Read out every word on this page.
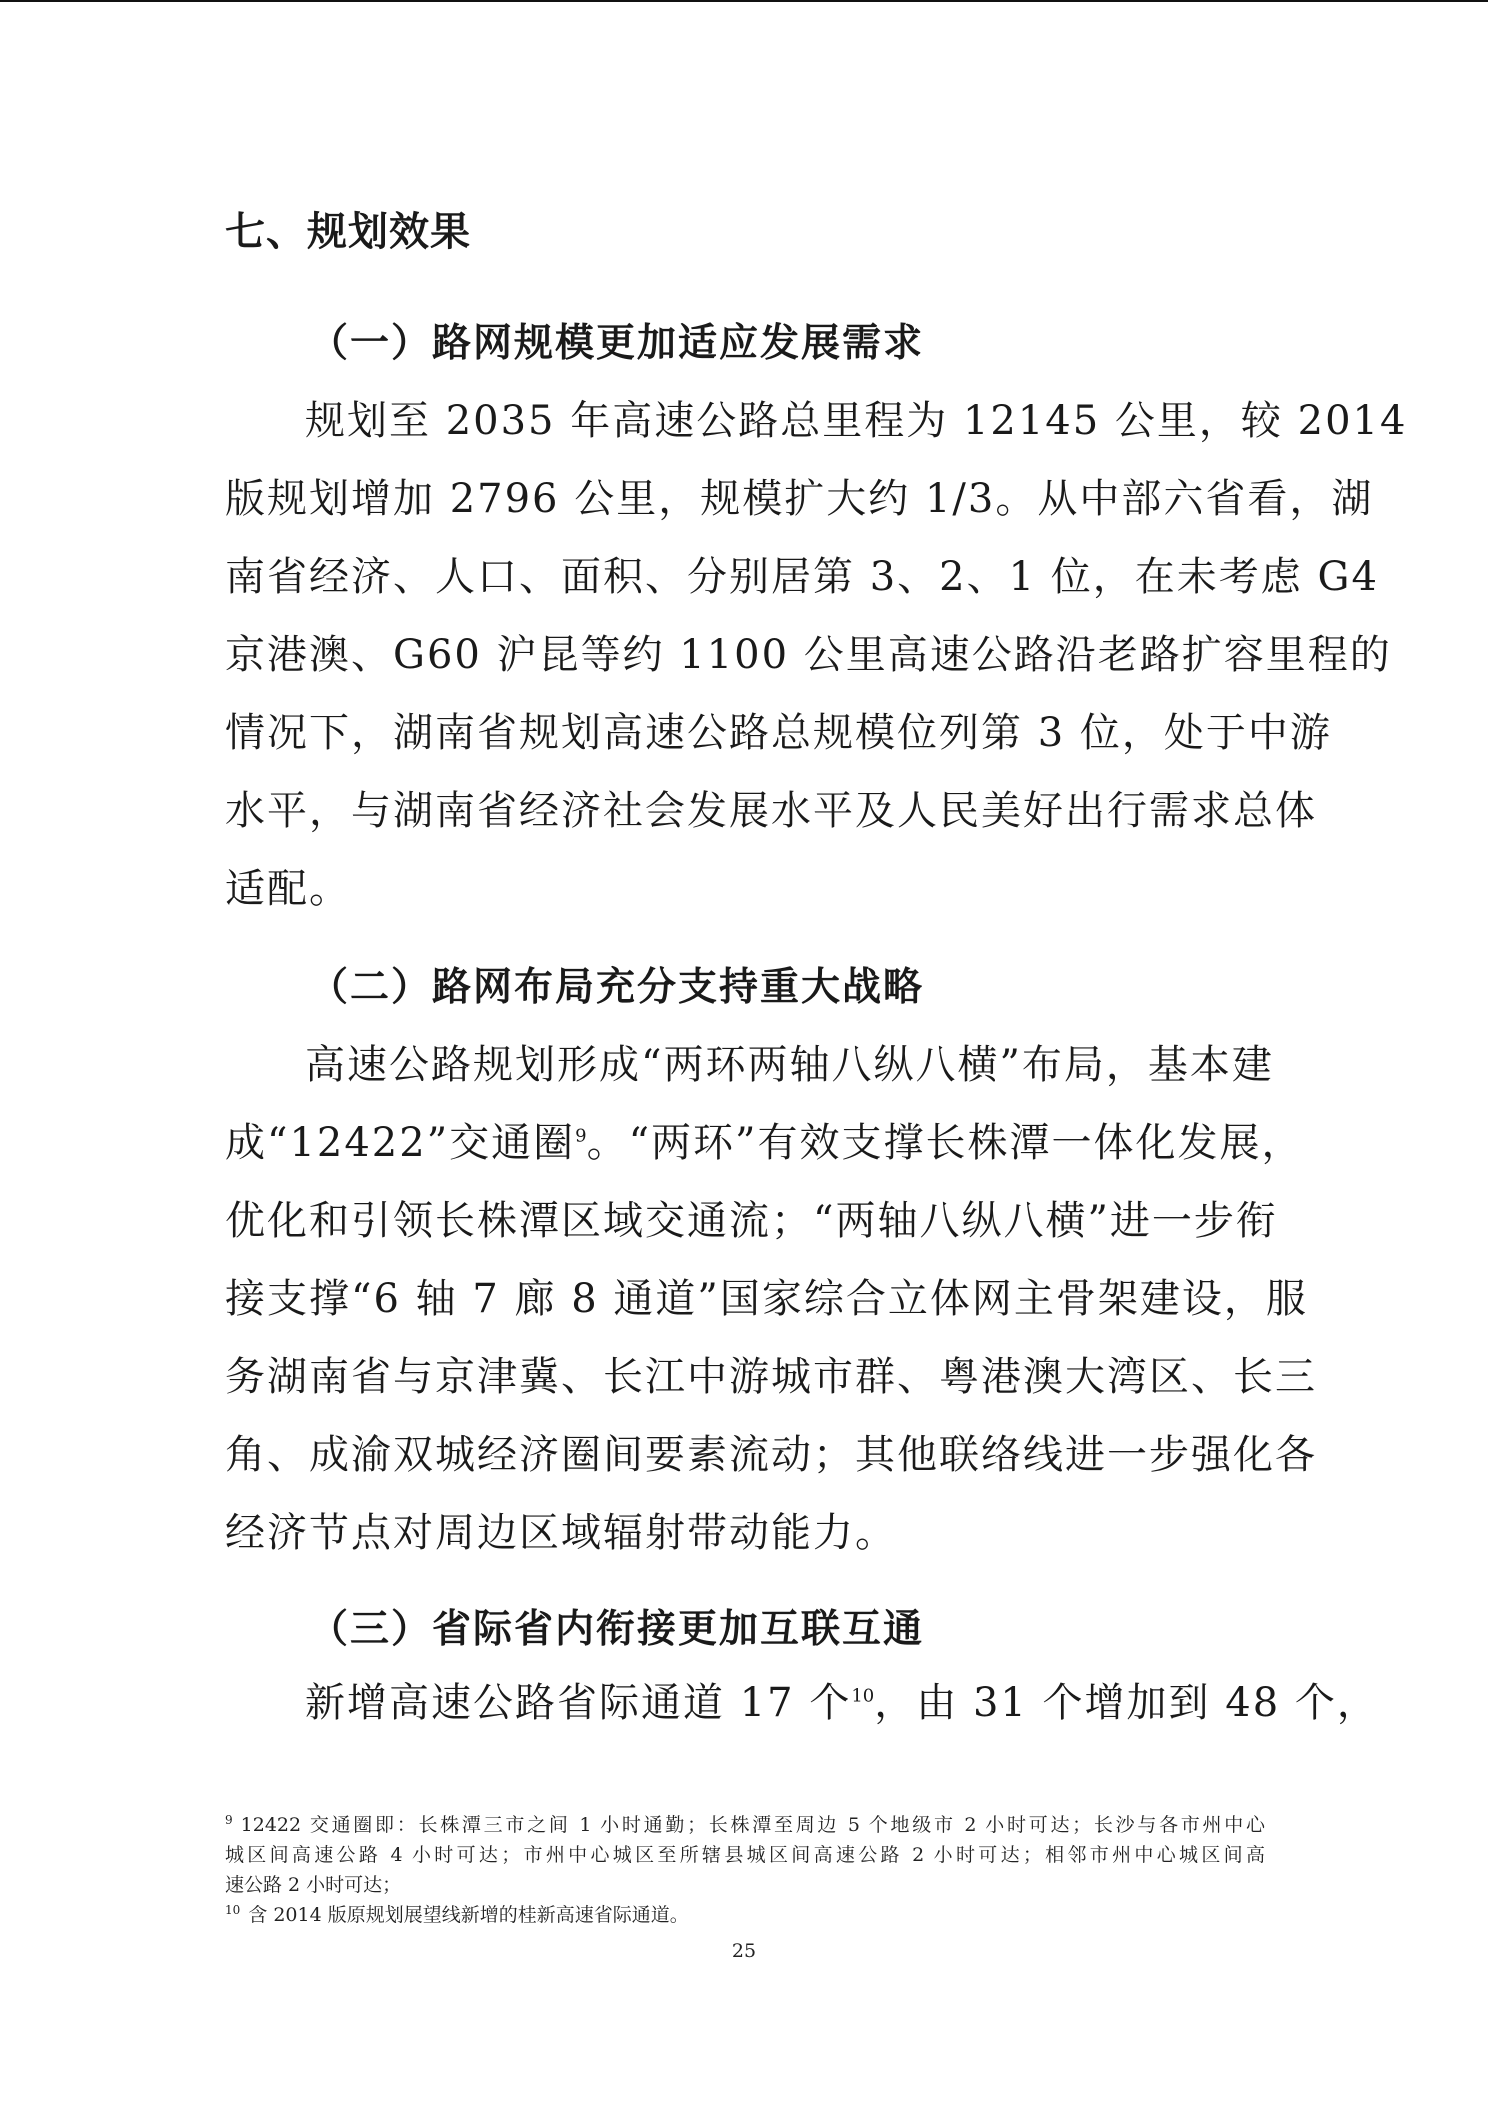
七、规划效果
（一）路网规模更加适应发展需求
规划至 2035 年高速公路总里程为 12145 公里，较 2014
版规划增加 2796 公里，规模扩大约 1/3。从中部六省看，湖
南省经济、人口、面积、分别居第 3、2、1 位，在未考虑 G4
京港澳、G60 沪昆等约 1100 公里高速公路沿老路扩容里程的
情况下，湖南省规划高速公路总规模位列第 3 位，处于中游
水平，与湖南省经济社会发展水平及人民美好出行需求总体
适配。
（二）路网布局充分支持重大战略
高速公路规划形成“两环两轴八纵八横”布局，基本建
成“12422”交通圈$^9$。“两环”有效支撑长株潭一体化发展，
优化和引领长株潭区域交通流；“两轴八纵八横”进一步衔
接支撑“6 轴 7 廊 8 通道”国家综合立体网主骨架建设，服
务湖南省与京津冀、长江中游城市群、粤港澳大湾区、长三
角、成渝双城经济圈间要素流动；其他联络线进一步强化各
经济节点对周边区域辐射带动能力。
（三）省际省内衔接更加互联互通
新增高速公路省际通道 17 个$^{10}$，由 31 个增加到 48 个，
$^9$ 12422 交通圈即：长株潭三市之间 1 小时通勤；长株潭至周边 5 个地级市 2 小时可达；长沙与各市州中心
城区间高速公路 4 小时可达；市州中心城区至所辖县城区间高速公路 2 小时可达；相邻市州中心城区间高
速公路 2 小时可达；
$^{10}$ 含 2014 版原规划展望线新增的桂新高速省际通道。
25
